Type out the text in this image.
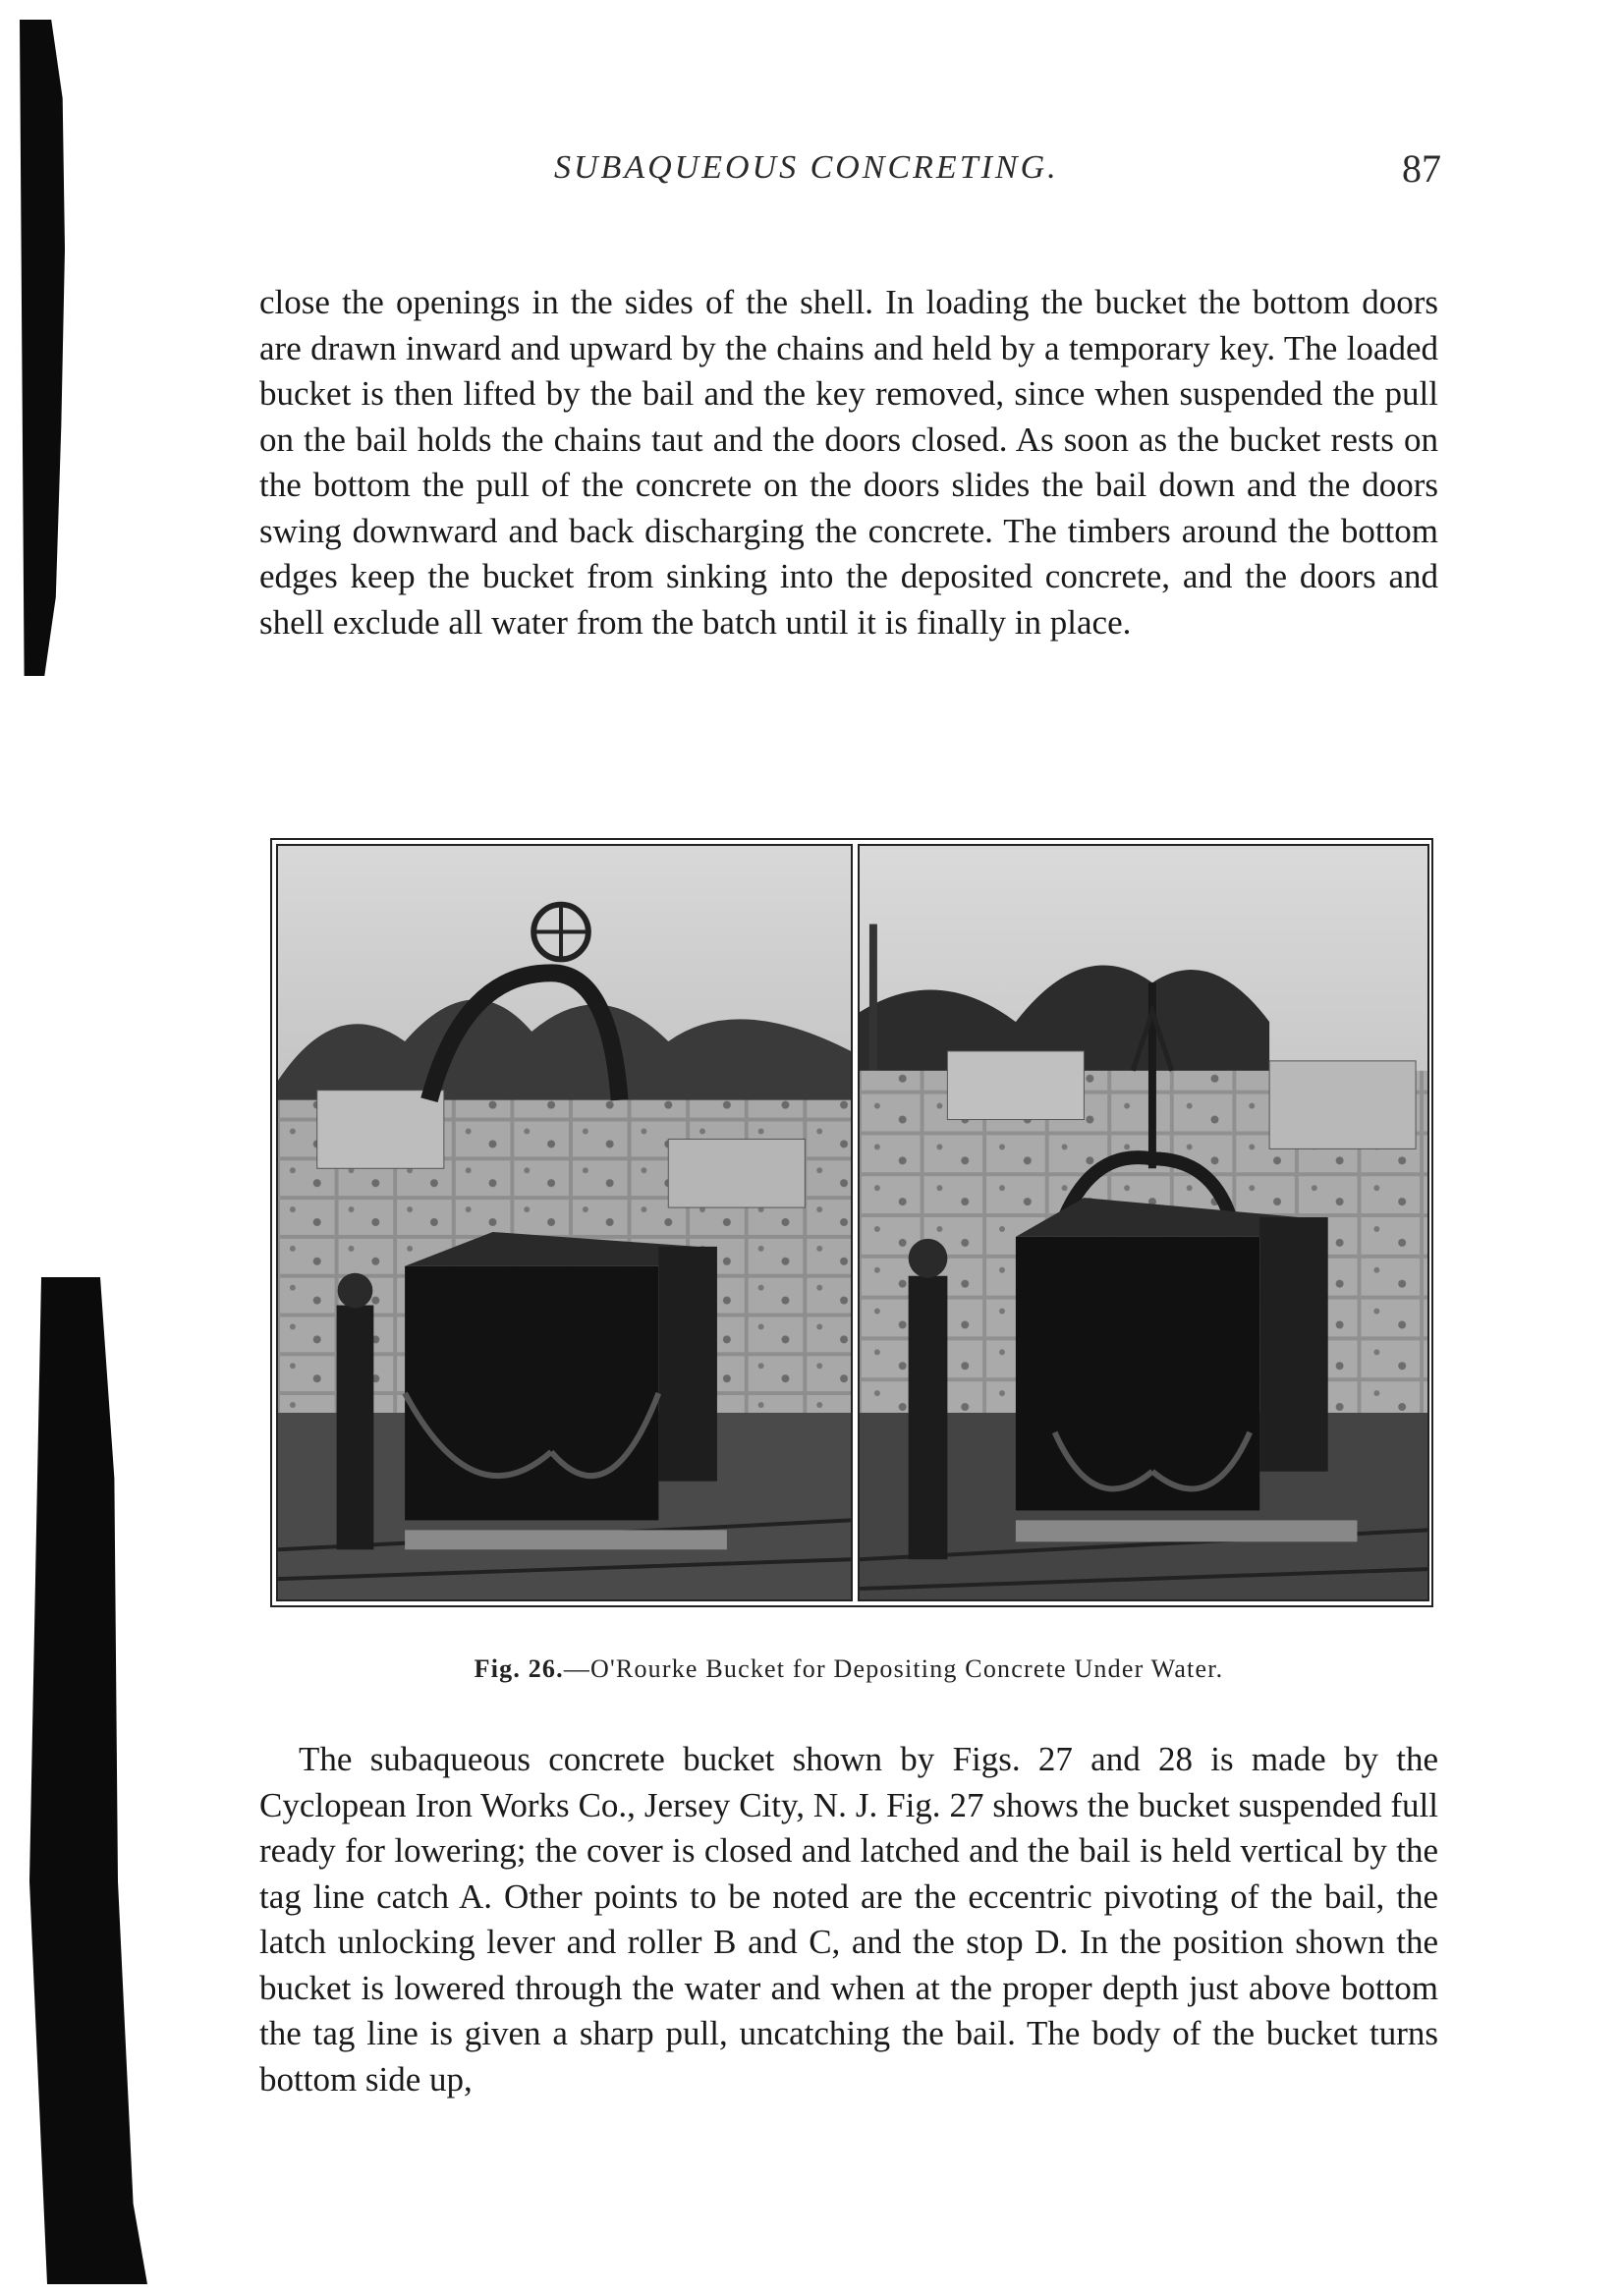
SUBAQUEOUS CONCRETING.	87

close the openings in the sides of the shell. In loading the bucket the bottom doors are drawn inward and upward by the chains and held by a temporary key. The loaded bucket is then lifted by the bail and the key removed, since when suspended the pull on the bail holds the chains taut and the doors closed. As soon as the bucket rests on the bottom the pull of the concrete on the doors slides the bail down and the doors swing downward and back discharging the concrete. The timbers around the bottom edges keep the bucket from sinking into the deposited concrete, and the doors and shell exclude all water from the batch until it is finally in place.

Fig. 26.—O'Rourke Bucket for Depositing Concrete Under Water.

The subaqueous concrete bucket shown by Figs. 27 and 28 is made by the Cyclopean Iron Works Co., Jersey City, N. J. Fig. 27 shows the bucket suspended full ready for lowering; the cover is closed and latched and the bail is held vertical by the tag line catch A. Other points to be noted are the eccentric pivoting of the bail, the latch unlocking lever and roller B and C, and the stop D. In the position shown the bucket is lowered through the water and when at the proper depth just above bottom the tag line is given a sharp pull, uncatching the bail. The body of the bucket turns bottom side up,
